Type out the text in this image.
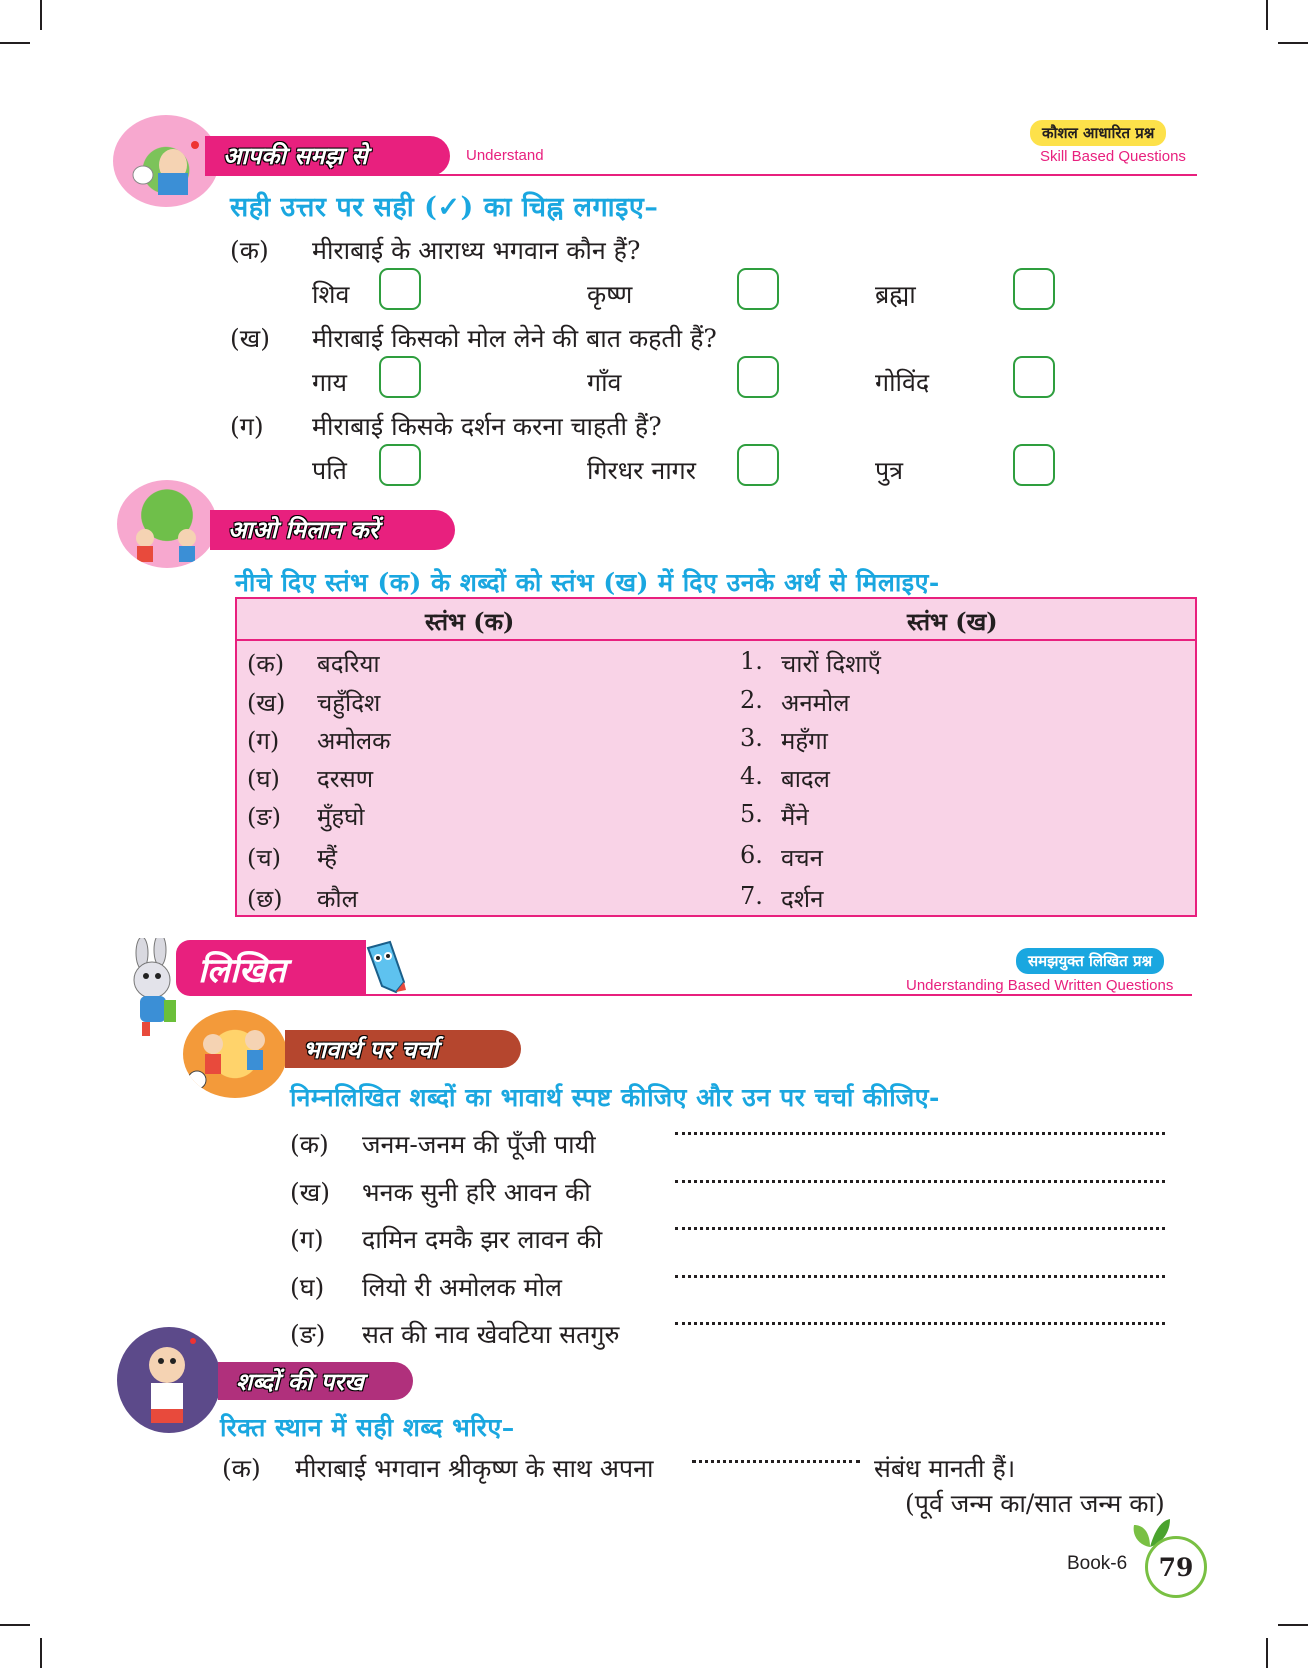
आपकी समझ से	Understand
कौशल आधारित प्रश्न
Skill Based Questions
सही उत्तर पर सही (✓) का चिह्न लगाइए–
(क) मीराबाई के आराध्य भगवान कौन हैं?
शिव	कृष्ण	ब्रह्मा
(ख) मीराबाई किसको मोल लेने की बात कहती हैं?
गाय	गाँव	गोविंद
(ग) मीराबाई किसके दर्शन करना चाहती हैं?
पति	गिरधर नागर	पुत्र
आओ मिलान करें
नीचे दिए स्तंभ (क) के शब्दों को स्तंभ (ख) में दिए उनके अर्थ से मिलाइए-
स्तंभ (क)	स्तंभ (ख)
(क) बदरिया	1. चारों दिशाएँ
(ख) चहुँदिश	2. अनमोल
(ग) अमोलक	3. महँगा
(घ) दरसण	4. बादल
(ङ) मुँहघो	5. मैंने
(च) म्हैं	6. वचन
(छ) कौल	7. दर्शन
लिखित	समझयुक्त लिखित प्रश्न
Understanding Based Written Questions
भावार्थ पर चर्चा
निम्नलिखित शब्दों का भावार्थ स्पष्ट कीजिए और उन पर चर्चा कीजिए-
(क) जनम-जनम की पूँजी पायी
(ख) भनक सुनी हरि आवन की
(ग) दामिन दमकै झर लावन की
(घ) लियो री अमोलक मोल
(ङ) सत की नाव खेवटिया सतगुरु
शब्दों की परख
रिक्त स्थान में सही शब्द भरिए–
(क) मीराबाई भगवान श्रीकृष्ण के साथ अपना	संबंध मानती हैं।
(पूर्व जन्म का/सात जन्म का)
Book-6	79
